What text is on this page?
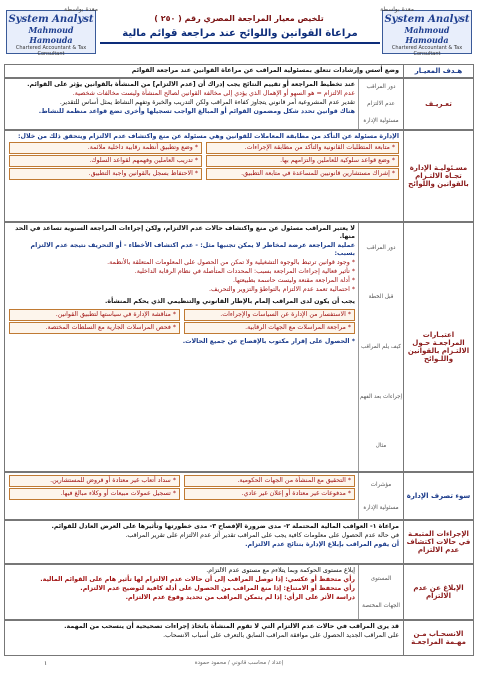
System Analyst
Mahmoud Hamouda
Chartered Accountant & Tax Consultant
System Analyst
Mahmoud Hamouda
Chartered Accountant & Tax Consultant
معدة بواسطة
معدة بواسطة
تلخيص معيار المراجعة المصري رقم ( ٢٥٠ )
مراعاة القوانين واللوائح عند مراجعة قوائم مالية
هـدف المعيـار

وضع أسس وإرشادات تتعلق بمسئولية المراقب عن مراعاة القوانين عند مراجعة القوائم

تعـريـف
دور المراقب
عدم الالتزام
مسئولية الإدارة

عند تخطيط المراجعة أو تقييم النتائج يجب إدراك أن [عدم الالتزام] من المنشأة بالقوانين يؤثر على القوائم.

عدم الالتزام = هو السهو أو الإهمال الذي يؤدي إلى مخالفة القوانين لصالح المنشأة وليست مخالفات شخصية.

تقدير عدم المشروعية أمر قانوني يتجاوز كفاءة المراقب ولكن التدريب والخبرة وتفهم النشاط يمثل أساس للتقدير.

هناك قوانين تحدد شكل ومضمون القوائم أو المبالغ الواجب تسجيلها وأخرى تضع قواعد منظمة للنشاط.

مسـئوليـة الإدارة تجـاه الالتـزام بالقوانين واللوائح

الإدارة مسئولة عن التأكد من مطابقة المعاملات للقوانين وهي مسئولة عن منع واكتشاف عدم الالتزام ويتحقق ذلك من خلال:

* متابعة المتطلبات القانونية والتأكد من مطابقة الإجراءات.

* وضع وتطبيق أنظمة رقابية داخلية ملائمة.

* وضع قواعد سلوكية للعاملين والتزامهم بها.

* تدريب العاملين وفهمهم لقواعد السلوك.

* إشراك مستشارين قانونيين للمساعدة في متابعة التطبيق.

* الاحتفاظ بسجل بالقوانين واجبة التطبيق.

اعتبـارات المراجعـة حـول الالتـزام بالقوانين واللـوائح
دور المراقب
قبل الخطة
كيف يلم المراقب
إجراءات بعد الفهم
مثال

لا يعتبر المراقب مسئول عن منع واكتشاف حالات عدم الالتزام، ولكن إجراءات المراجعة السنوية تساعد في الحد منها.

عملية المراجعة عرضة لمخاطر لا يمكن تجنبها مثل: - عدم اكتشاف الأخطاء - أو التحريف نتيجة عدم الالتزام بسبب:

* وجود قوانين ترتبط بالوجوه التشغيلية ولا تمكن من الحصول على المعلومات المتعلقة بالأنظمة.

* تأثير فعالية إجراءات المراجعة بسبب: المحددات المتأصلة في نظام الرقابة الداخلية.

* أدلة المراجعة مقنعة وليست حاسمة بطبيعتها.

* احتمالية تعمد عدم الالتزام بالتواطؤ والتزوير والتحريف.

يجب أن يكون لدى المراقب إلمام بالإطار القانوني والتنظيمي الذي يحكم المنشأة.

* الاستفسار من الإدارة عن السياسات والإجراءات.

* مناقشة الإدارة في سياستها لتطبيق القوانين.

* مراجعة المراسلات مع الجهات الرقابية.

* فحص المراسلات الجارية مع السلطات المختصة.

* الحصول على إقرار مكتوب بالإفصاح عن جميع الحالات.

سوء تصرف الإدارة
مؤشرات
مسئولية الإدارة

* التحقيق مع المنشأة من الجهات الحكومية.

* سداد أتعاب غير معتادة أو قروض للمستشارين.

* مدفوعات غير معتادة أو إعلان غير عادي.

* تسجيل عمولات مبيعات أو وكلاء مبالغ فيها.

الإجراءات المتبعـة في حالات اكتشاف عدم الالتزام

مراعاة ١- العواقب المالية المحتملة ٢- مدى ضرورة الإفصاح ٣- مدى خطورتها وتأثيرها على العرض العادل للقوائم.

في حالة عدم الحصول على معلومات كافية يجب على المراقب تقدير أثر عدم الالتزام على تقرير المراقب.

أن يقوم المراقب بإبلاغ الإدارة بنتائج عدم الالتزام.

الإبلاغ عن عدم الالتزام
المستوى
الجهات المختصة

إبلاغ مستوى الحوكمة وبما يتلاءم مع مستوى عدم الالتزام.

رأي متحفظ أو عكسي: إذا توصل المراقب إلى أن حالات عدم الالتزام لها تأثير هام على القوائم المالية.

رأي متحفظ أو الامتناع: إذا منع المراقب من الحصول على أدلة كافية لتوضيح عدم الالتزام.

دراسة الأثر على الرأي: إذا لم يتمكن المراقب من تحديد وقوع عدم الالتزام.

الانسحـاب مـن مهـمة المراجعـة

قد يرى المراقب في حالات عدم الالتزام التي لا تقوم المنشأة باتخاذ إجراءات تصحيحية أن ينسحب من المهمة.

على المراقب الجديد الحصول على موافقة المراقب السابق بالتعرف على أسباب الانسحاب.

إعداد / محاسب قانوني / محمود حمودة
١
